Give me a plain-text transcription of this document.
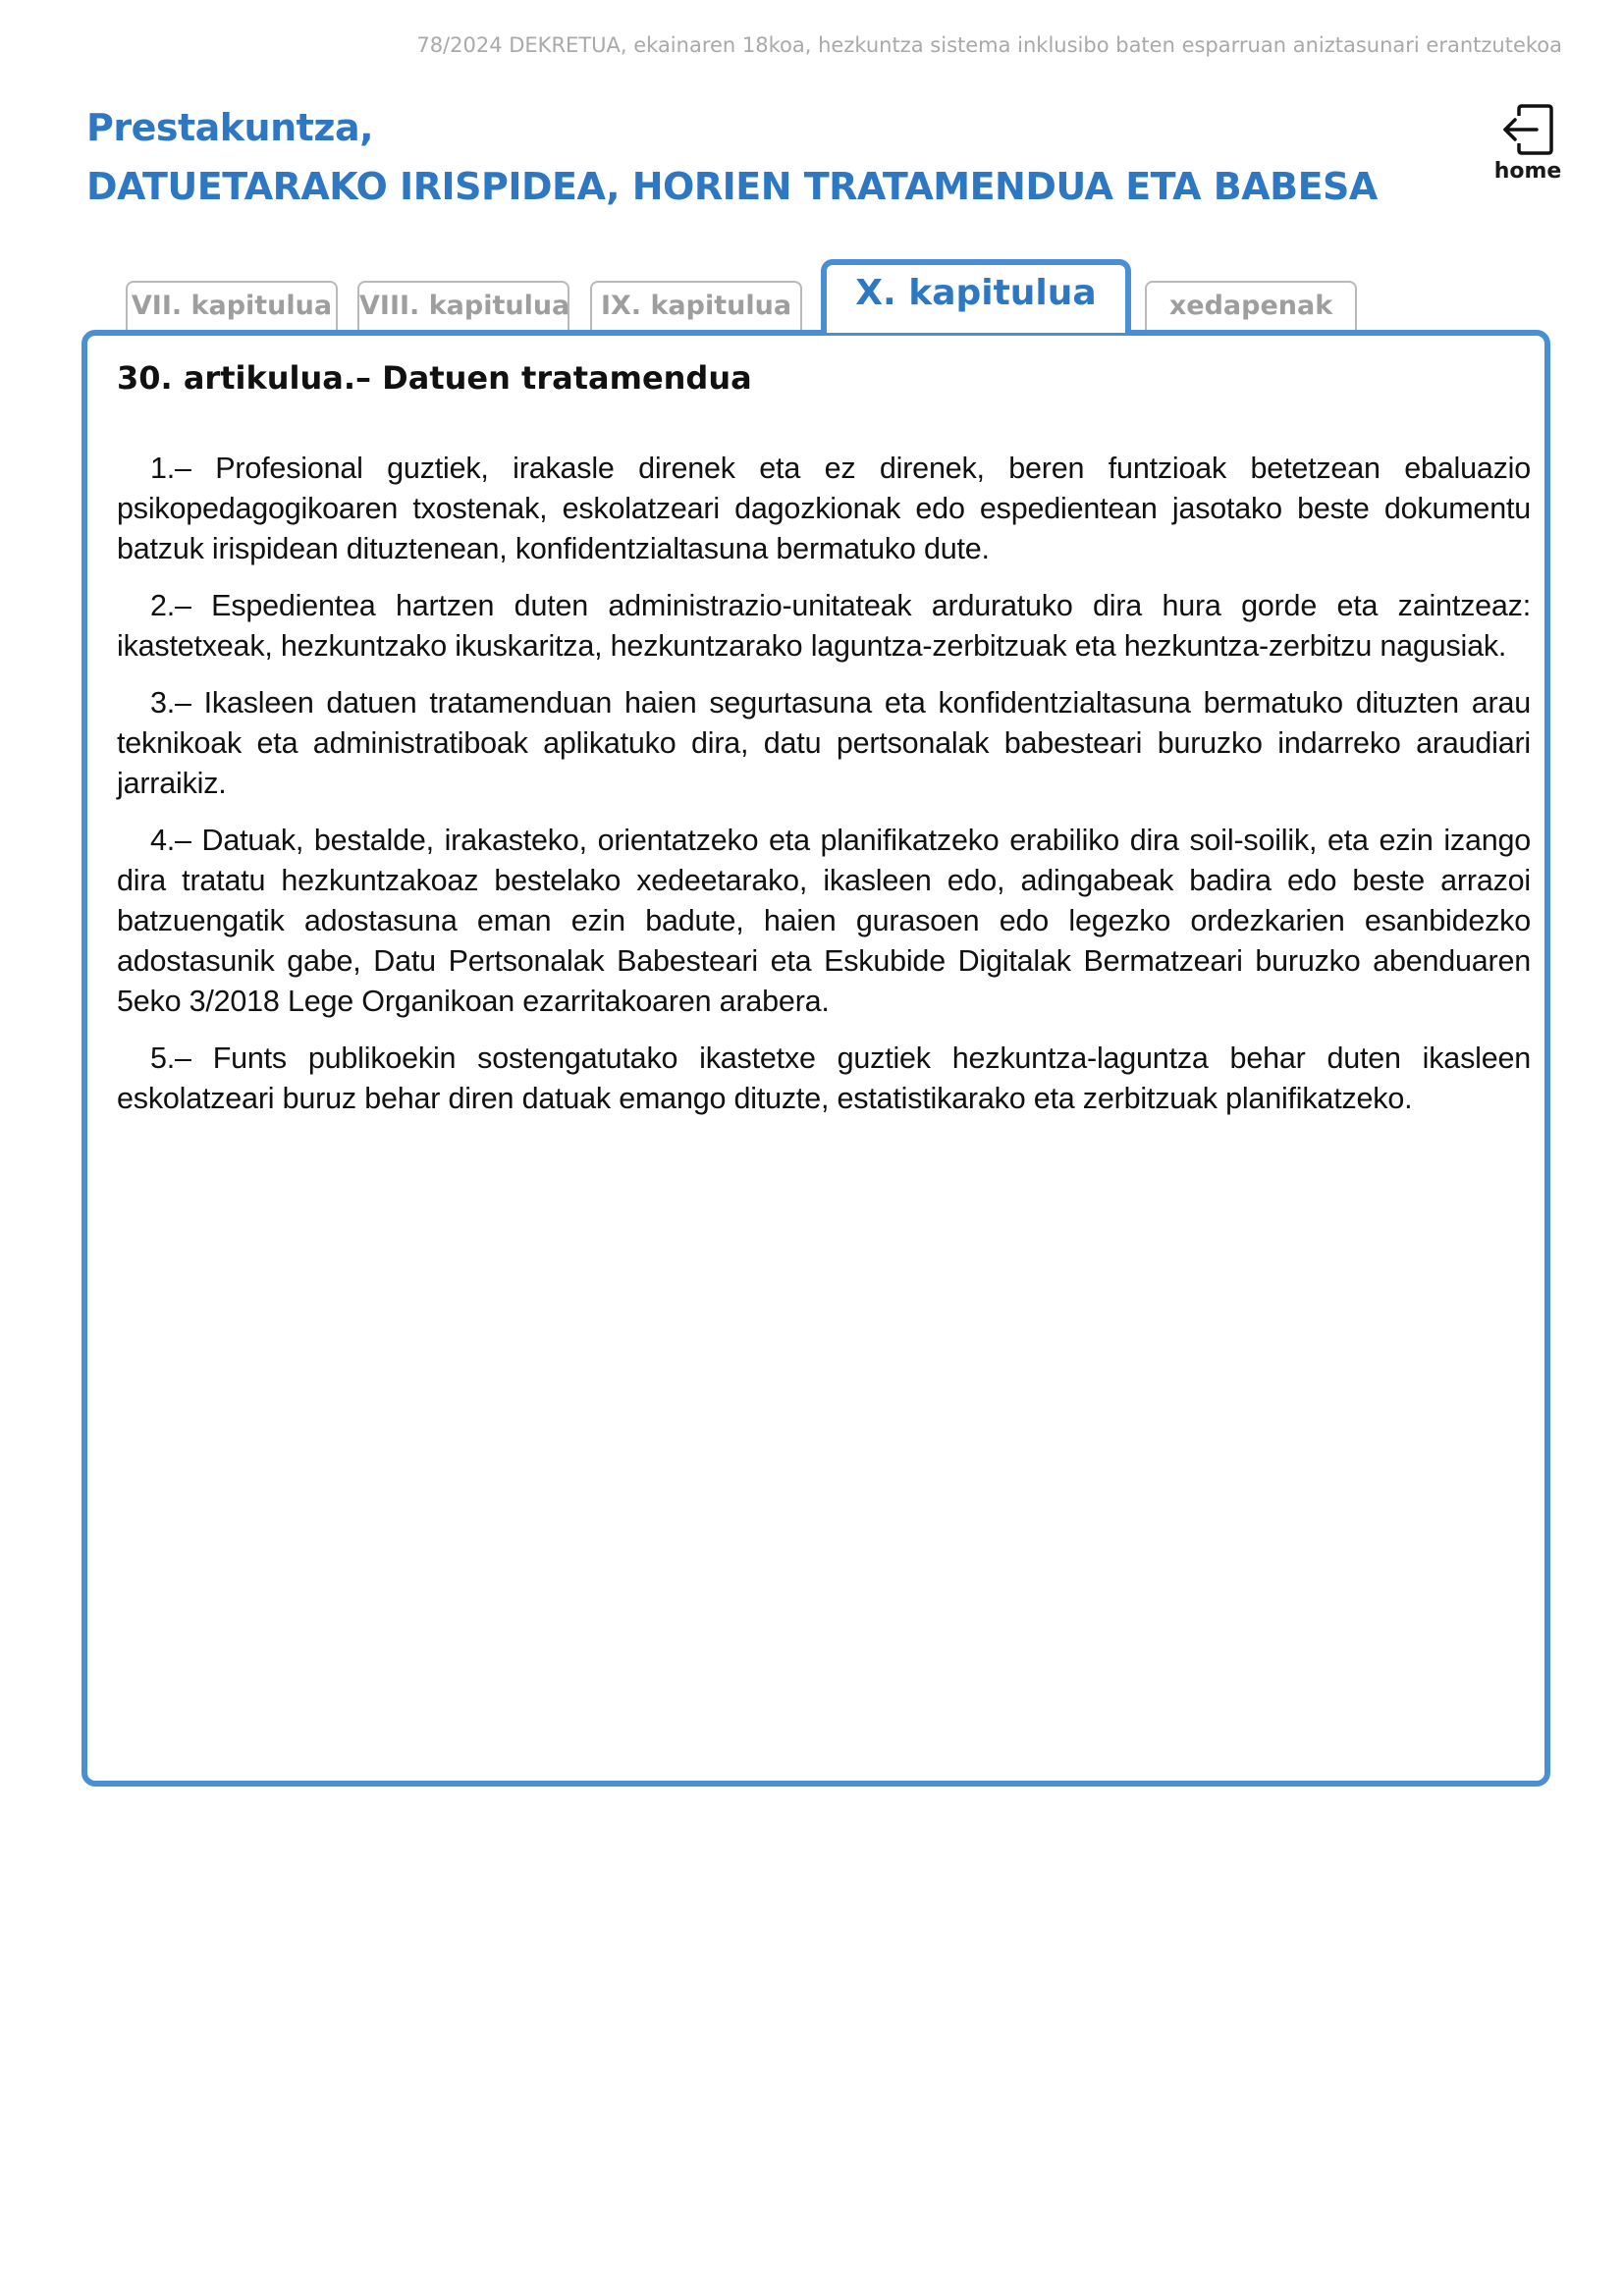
78/2024 DEKRETUA, ekainaren 18koa, hezkuntza sistema inklusibo baten esparruan aniztasunari erantzutekoa
Prestakuntza,
DATUETARAKO IRISPIDEA, HORIEN TRATAMENDUA ETA BABESA	home
VII. kapitulua VIII. kapitulua	IX. kapitulua	X. kapitulua	xedapenak
30. artikulua.– Datuen tratamendua

1.– Profesional guztiek, irakasle direnek eta ez direnek, beren funtzioak betetzean ebaluazio psikopedagogikoaren txostenak, eskolatzeari dagozkionak edo espedientean jasotako beste dokumentu batzuk irispidean dituztenean, konfidentzialtasuna bermatuko dute.

2.– Espedientea hartzen duten administrazio-unitateak arduratuko dira hura gorde eta zaintzeaz: ikastetxeak, hezkuntzako ikuskaritza, hezkuntzarako laguntza-zerbitzuak eta hezkuntza-zerbitzu nagusiak.

3.– Ikasleen datuen tratamenduan haien segurtasuna eta konfidentzialtasuna bermatuko dituzten arau teknikoak eta administratiboak aplikatuko dira, datu pertsonalak babesteari buruzko indarreko araudiari jarraikiz.

4.– Datuak, bestalde, irakasteko, orientatzeko eta planifikatzeko erabiliko dira soil-soilik, eta ezin izango dira tratatu hezkuntzakoaz bestelako xedeetarako, ikasleen edo, adingabeak badira edo beste arrazoi batzuengatik adostasuna eman ezin badute, haien gurasoen edo legezko ordezkarien esanbidezko adostasunik gabe, Datu Pertsonalak Babesteari eta Eskubide Digitalak Bermatzeari buruzko abenduaren 5eko 3/2018 Lege Organikoan ezarritakoaren arabera.

5.– Funts publikoekin sostengatutako ikastetxe guztiek hezkuntza-laguntza behar duten ikasleen eskolatzeari buruz behar diren datuak emango dituzte, estatistikarako eta zerbitzuak planifikatzeko.
